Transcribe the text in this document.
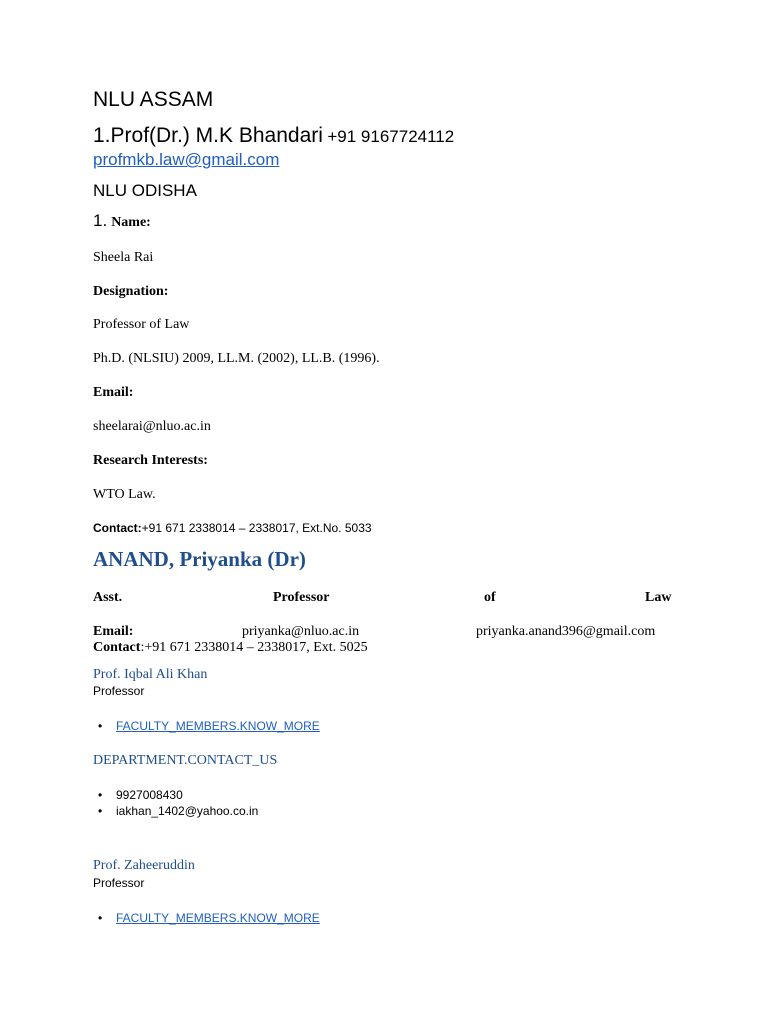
NLU ASSAM
1.Prof(Dr.) M.K Bhandari +91 9167724112
profmkb.law@gmail.com
NLU ODISHA
1. Name:
Sheela Rai
Designation:
Professor of Law
Ph.D. (NLSIU) 2009, LL.M. (2002), LL.B. (1996).
Email:
sheelarai@nluo.ac.in
Research Interests:
WTO Law.
Contact:+91 671 2338014 – 2338017, Ext.No. 5033
ANAND, Priyanka (Dr)
Asst.	Professor	of	Law
Email:	priyanka@nluo.ac.in	priyanka.anand396@gmail.com
Contact:+91 671 2338014 – 2338017, Ext. 5025
Prof. Iqbal Ali Khan
Professor
• FACULTY_MEMBERS.KNOW_MORE
DEPARTMENT.CONTACT_US
• 9927008430
• iakhan_1402@yahoo.co.in
Prof. Zaheeruddin
Professor
• FACULTY_MEMBERS.KNOW_MORE
